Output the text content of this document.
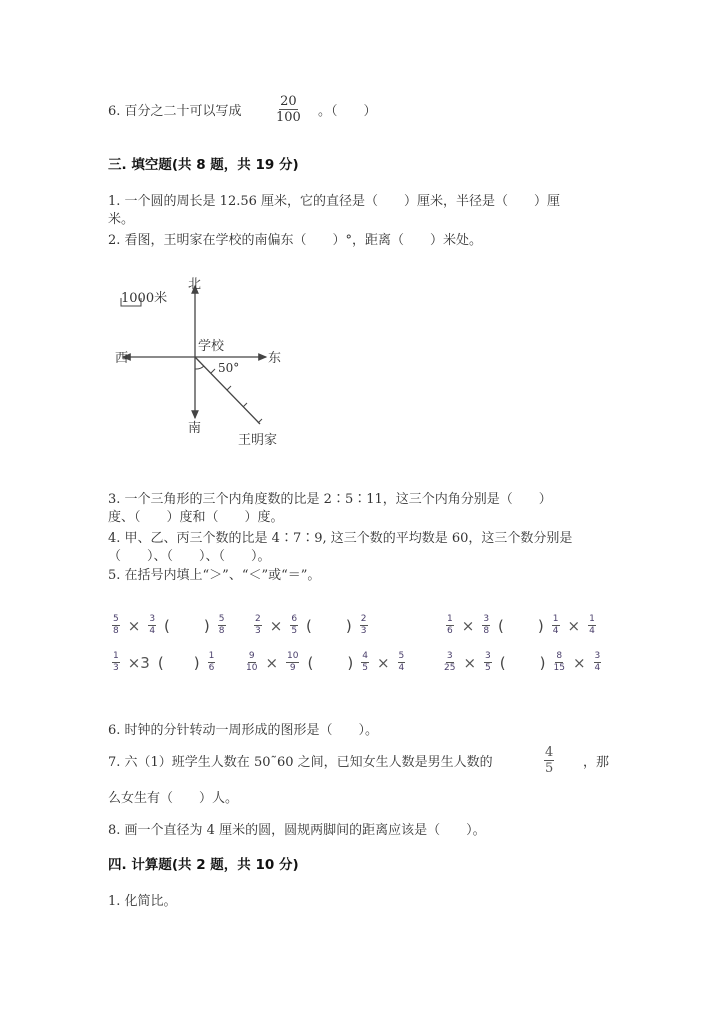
6. 百分之二十可以写成	$\frac{20}{100}$ 。（　　）
三. 填空题(共 8 题，共 19 分)
1. 一个圆的周长是 12.56 厘米，它的直径是（　　）厘米，半径是（　　）厘
米。
2. 看图，王明家在学校的南偏东（　　）°，距离（　　）米处。
1000米
北
南
西	东
学校
50°
王明家
3. 一个三角形的三个内角度数的比是 2∶5∶11，这三个内角分别是（　　）
度、（　　）度和（　　）度。
4. 甲、乙、丙三个数的比是 4∶7∶9, 这三个数的平均数是 60，这三个数分别是
（　　）、（　　）、（　　）。
5. 在括号内填上“＞”、“＜”或“＝”。
$\frac{5}{8} \times \frac{3}{4}$ ( ) $\frac{5}{8}$	$\frac{2}{3} \times \frac{6}{5}$ ( ) $\frac{2}{3}$	$\frac{1}{6} \times \frac{3}{8}$ ( ) $\frac{1}{4} \times \frac{1}{4}$
$\frac{1}{3} \times 3$ ( ) $\frac{1}{6}$	$\frac{9}{10} \times \frac{10}{9}$ ( ) $\frac{4}{5} \times \frac{5}{4}$	$\frac{3}{25} \times \frac{3}{5}$ ( ) $\frac{8}{15} \times \frac{3}{4}$
6. 时钟的分针转动一周形成的图形是（　　）。
7. 六（1）班学生人数在 50˜60 之间，已知女生人数是男生人数的	$\frac{4}{5}$ ，那
么女生有（　　）人。
8. 画一个直径为 4 厘米的圆，圆规两脚间的距离应该是（　　）。
四. 计算题(共 2 题，共 10 分)
1. 化简比。
